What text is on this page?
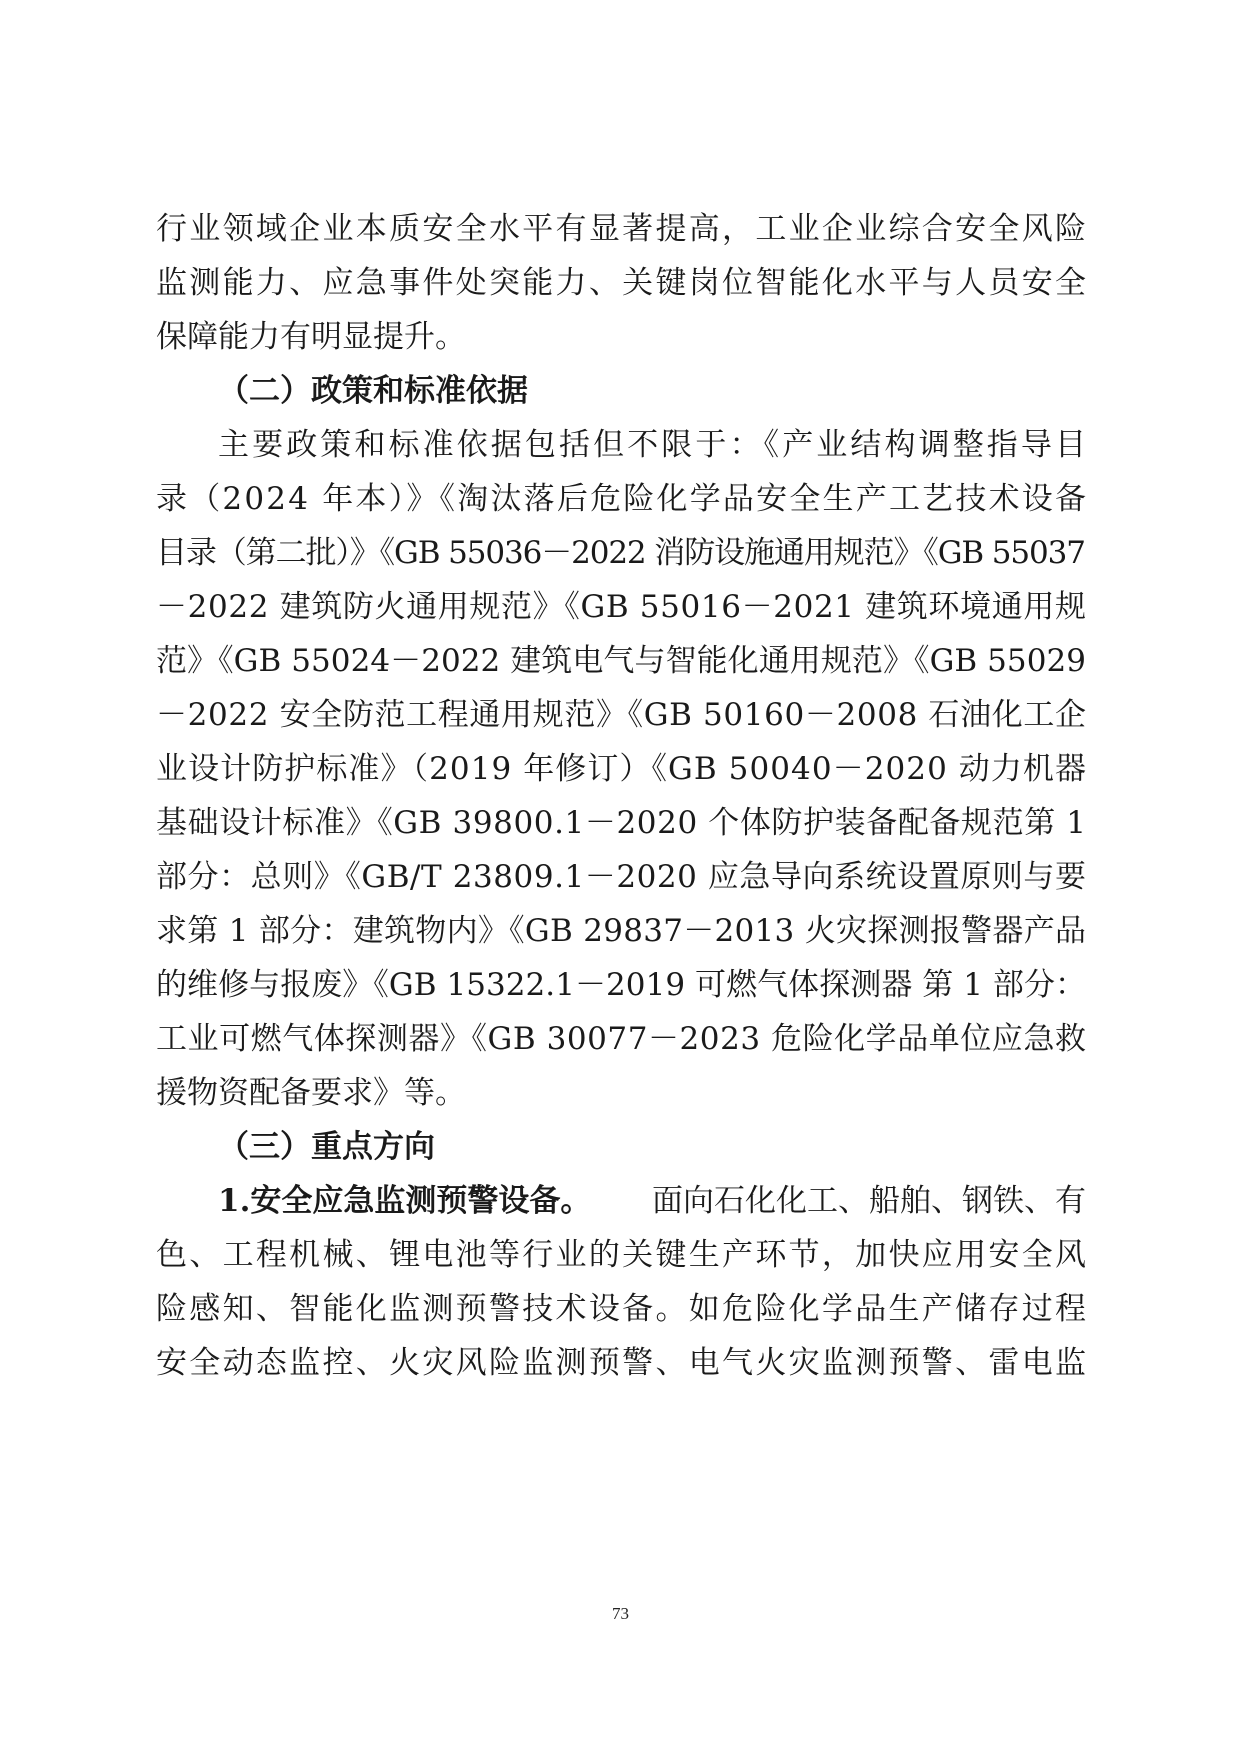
行业领域企业本质安全水平有显著提高，工业企业综合安全风险
监测能力、应急事件处突能力、关键岗位智能化水平与人员安全
保障能力有明显提升。
（二）政策和标准依据
主要政策和标准依据包括但不限于：《产业结构调整指导目
录（2024 年本）》《淘汰落后危险化学品安全生产工艺技术设备
目录（第二批）》《GB 55036－2022 消防设施通用规范》《GB 55037
－2022 建筑防火通用规范》《GB 55016－2021 建筑环境通用规
范》《GB 55024－2022 建筑电气与智能化通用规范》《GB 55029
－2022 安全防范工程通用规范》《GB 50160－2008 石油化工企
业设计防护标准》（2019 年修订）《GB 50040－2020 动力机器
基础设计标准》《GB 39800.1－2020 个体防护装备配备规范第 1
部分：总则》《GB/T 23809.1－2020 应急导向系统设置原则与要
求第 1 部分：建筑物内》《GB 29837－2013 火灾探测报警器产品
的维修与报废》《GB 15322.1－2019 可燃气体探测器 第 1 部分：
工业可燃气体探测器》《GB 30077－2023 危险化学品单位应急救
援物资配备要求》等。
（三）重点方向
1.安全应急监测预警设备。 面向石化化工、船舶、钢铁、有
色、工程机械、锂电池等行业的关键生产环节，加快应用安全风
险感知、智能化监测预警技术设备。如危险化学品生产储存过程
安全动态监控、火灾风险监测预警、电气火灾监测预警、雷电监
73
